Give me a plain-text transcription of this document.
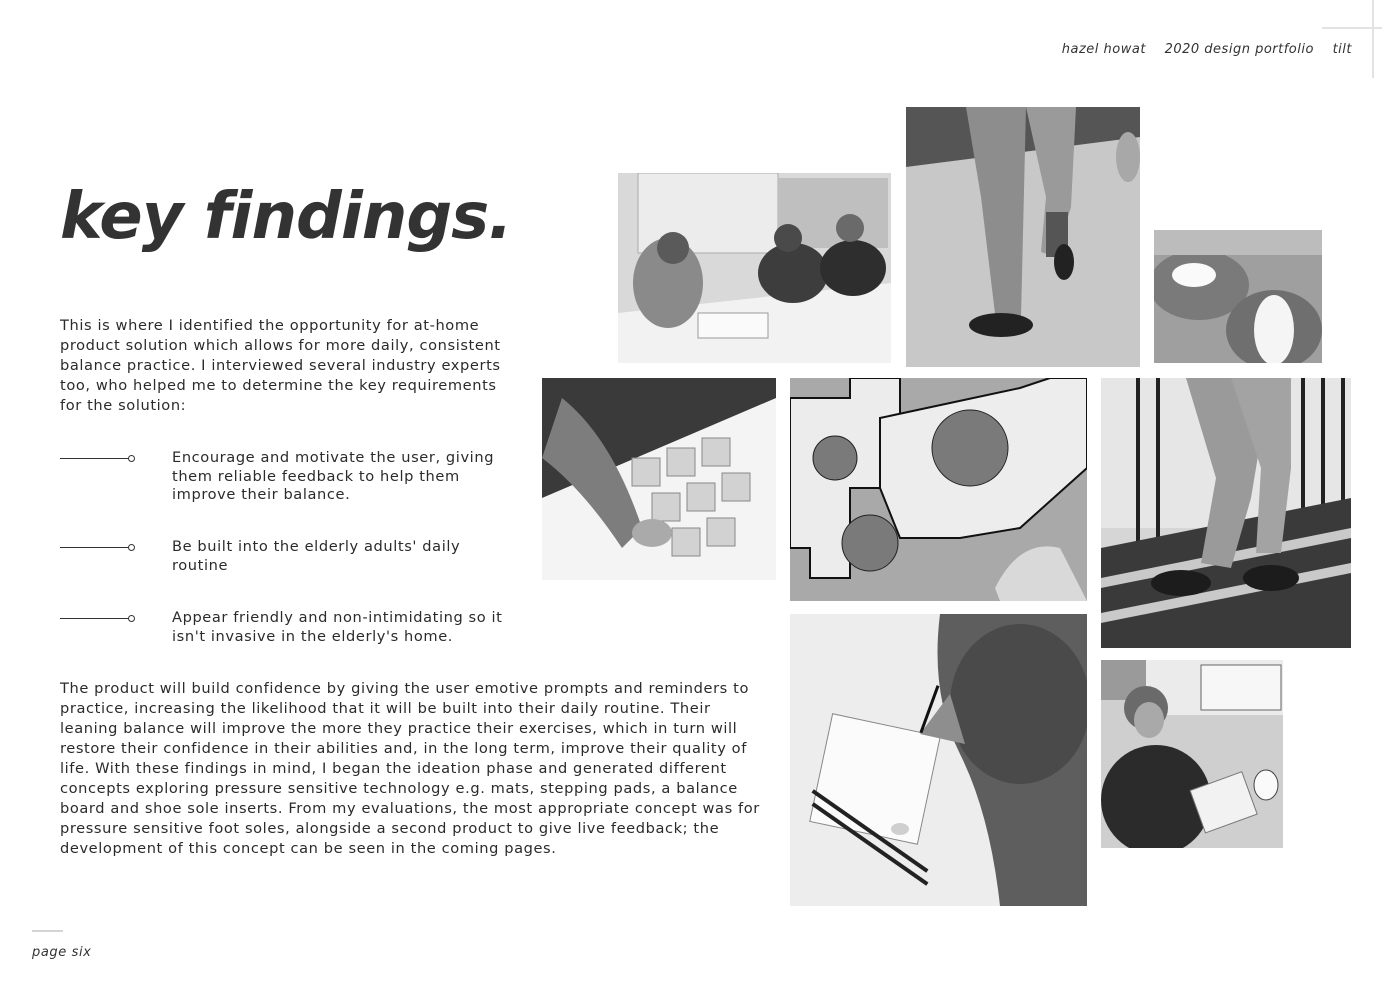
hazel howat 2020 design portfolio tilt
key findings.

This is where I identified the opportunity for at-home product solution which allows for more daily, consistent balance practice. I interviewed several industry experts too, who helped me to determine the key requirements for the solution:

Encourage and motivate the user, giving them reliable feedback to help them improve their balance.
Be built into the elderly adults' daily routine
Appear friendly and non-intimidating so it isn't invasive in the elderly's home.

The product will build confidence by giving the user emotive prompts and reminders to practice, increasing the likelihood that it will be built into their daily routine. Their leaning balance will improve the more they practice their exercises, which in turn will restore their confidence in their abilities and, in the long term, improve their quality of life. With these findings in mind, I began the ideation phase and generated different concepts exploring pressure sensitive technology e.g. mats, stepping pads, a balance board and shoe sole inserts. From my evaluations, the most appropriate concept was for pressure sensitive foot soles, alongside a second product to give live feedback; the development of this concept can be seen in the coming pages.

page six
